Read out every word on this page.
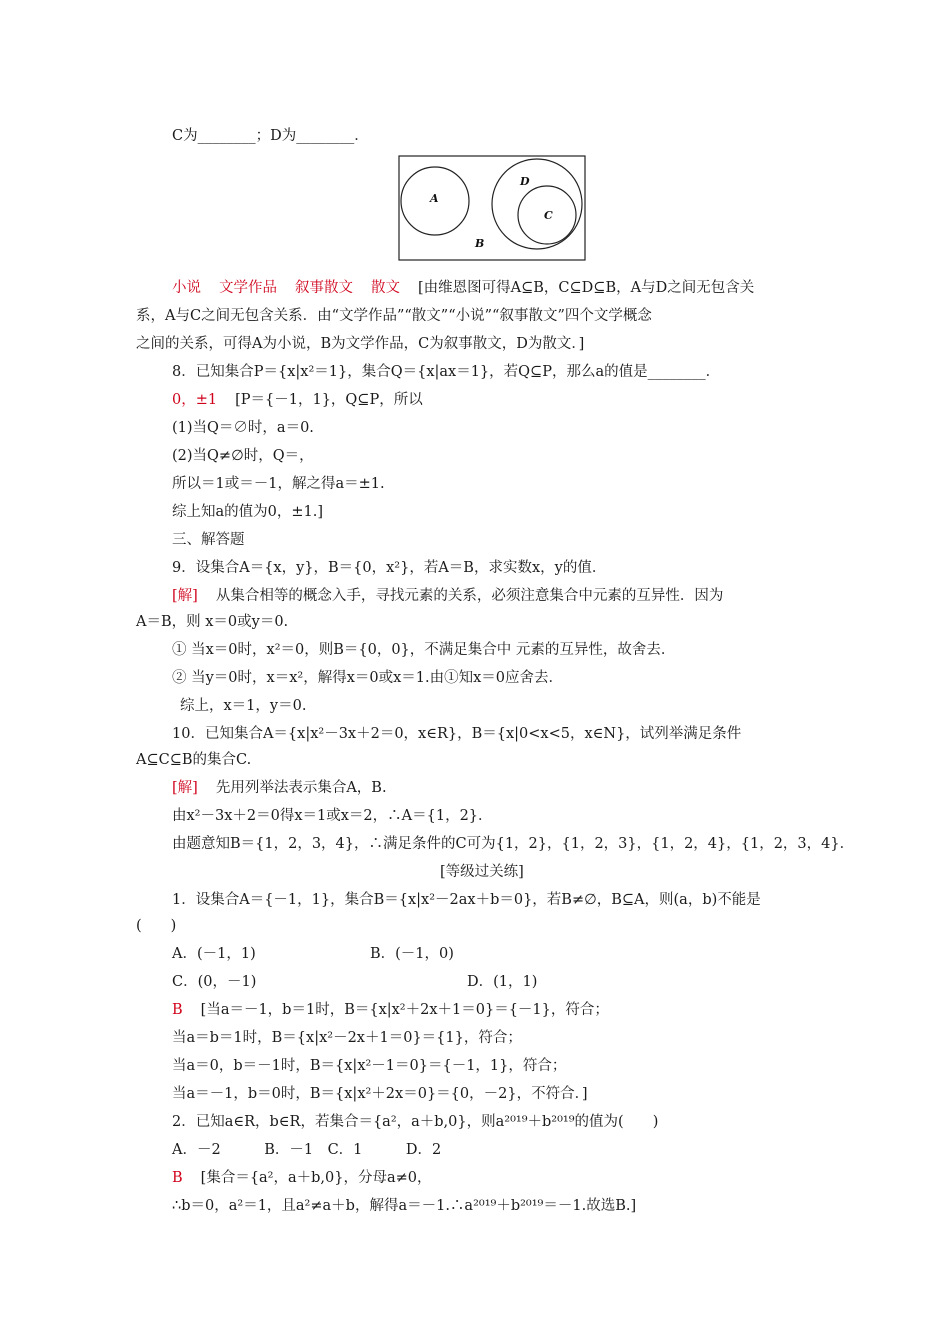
C为________；D为________．
A
D
C
B
小说 文学作品 叙事散文 散文 [由维恩图可得A⊆B，C⊆D⊆B，A与D之间无包含关
系，A与C之间无包含关系．由“文学作品”“散文”“小说”“叙事散文”四个文学概念
之间的关系，可得A为小说，B为文学作品，C为叙事散文，D为散文．]
8．已知集合P＝{x|x²＝1}，集合Q＝{x|ax＝1}，若Q⊆P，那么a的值是________．
0，±1 [P＝{－1，1}，Q⊆P，所以
(1)当Q＝∅时，a＝0.
(2)当Q≠∅时，Q＝，
所以＝1或＝－1，解之得a＝±1.
综上知a的值为0，±1.]
三、解答题
9．设集合A＝{x，y}，B＝{0，x²}，若A＝B，求实数x，y的值．
[解] 从集合相等的概念入手，寻找元素的关系，必须注意集合中元素的互异性．因为
A＝B，则 x＝0或y＝0.
① 当x＝0时，x²＝0，则B＝{0，0}，不满足集合中 元素的互异性，故舍去．
② 当y＝0时，x＝x²，解得x＝0或x＝1.由①知x＝0应舍去．
综上，x＝1，y＝0.
10．已知集合A＝{x|x²－3x＋2＝0，x∈R}，B＝{x|0<x<5，x∈N}，试列举满足条件
A⊆C⊆B的集合C.
[解] 先用列举法表示集合A，B.
由x²－3x＋2＝0得x＝1或x＝2，∴A＝{1，2}．
由题意知B＝{1，2，3，4}，∴满足条件的C可为{1，2}，{1，2，3}，{1，2，4}，{1，2，3，4}．
[等级过关练]
1．设集合A＝{－1，1}，集合B＝{x|x²－2ax＋b＝0}，若B≠∅，B⊆A，则(a，b)不能是
(　　)
A．(－1，1)	B．(－1，0)
C．(0，－1)	D．(1，1)
B [当a＝－1，b＝1时，B＝{x|x²＋2x＋1＝0}＝{－1}，符合；
当a＝b＝1时，B＝{x|x²－2x＋1＝0}＝{1}，符合；
当a＝0，b＝－1时，B＝{x|x²－1＝0}＝{－1，1}，符合；
当a＝－1，b＝0时，B＝{x|x²＋2x＝0}＝{0，－2}，不符合．]
2．已知a∈R，b∈R，若集合＝{a²，a＋b,0}，则a²⁰¹⁹＋b²⁰¹⁹的值为(　　)
A．－2　　　B．－1　C．1　　　D．2
B [集合＝{a²，a＋b,0}，分母a≠0，
∴b＝0，a²＝1，且a²≠a＋b，解得a＝－1.∴a²⁰¹⁹＋b²⁰¹⁹＝－1.故选B.]
